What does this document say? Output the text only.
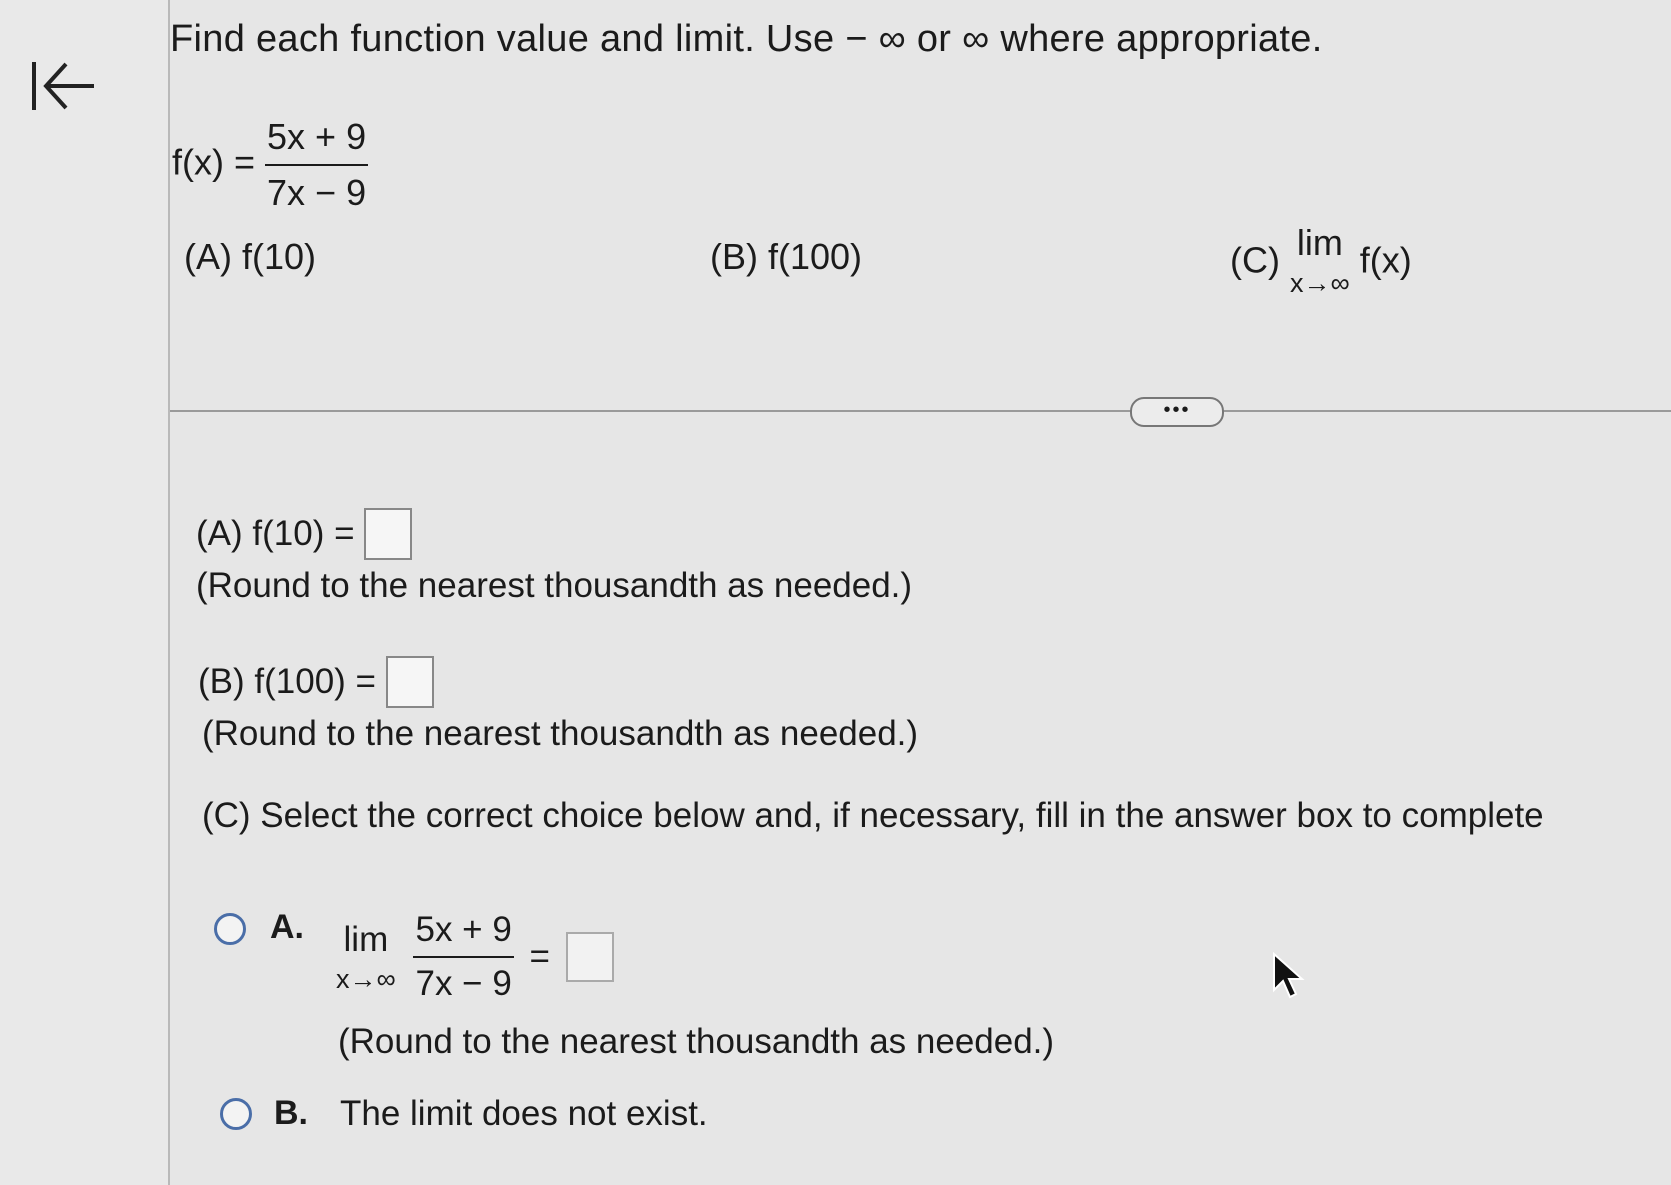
Find each function value and limit. Use − ∞ or ∞ where appropriate.
$f(x) = \frac{5x + 9}{7x - 9}$
(A) f(10)	(B) f(100)	(C) lim
x→∞
f(x)
•••
(A) f(10) =
(Round to the nearest thousandth as needed.)
(B) f(100) =
(Round to the nearest thousandth as needed.)
(C) Select the correct choice below and, if necessary, fill in the answer box to complete
A. lim
x→∞
$\frac{5x + 9}{7x - 9}$ =
(Round to the nearest thousandth as needed.)
B. The limit does not exist.
